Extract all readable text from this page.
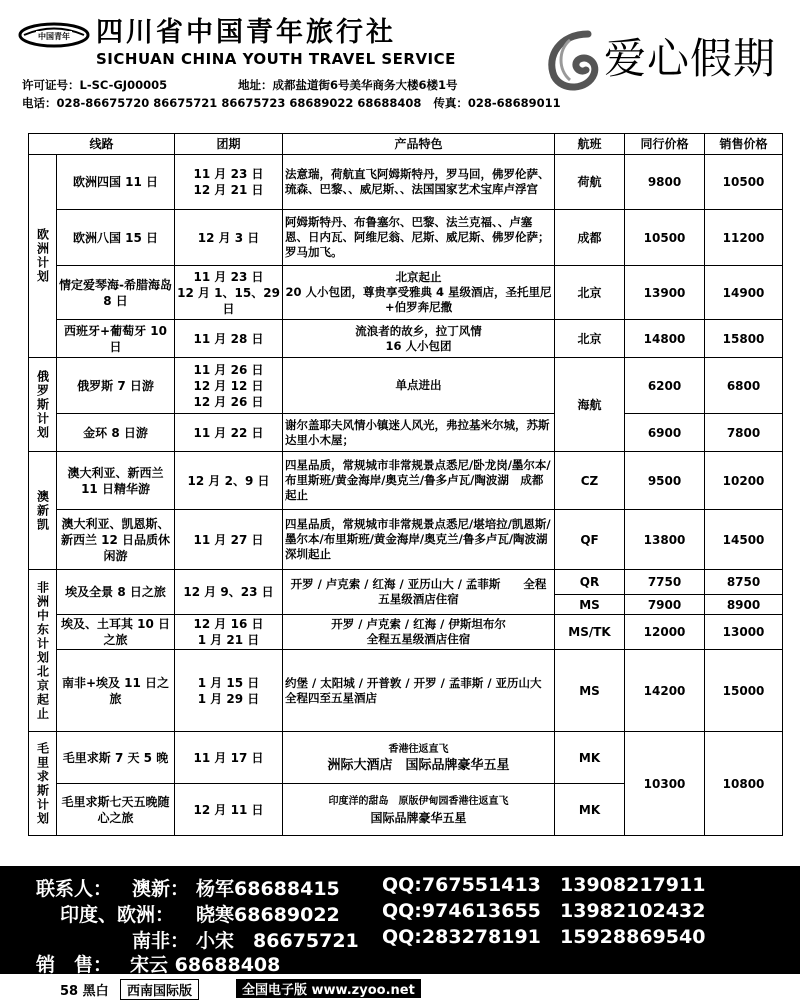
中国青年 四川省中国青年旅行社
SICHUAN CHINA YOUTH TRAVEL SERVICE	爱心假期
许可证号：L-SC-GJ00005	地址：成都盐道街6号美华商务大楼6楼1号
电话：028-86675720 86675721 86675723 68689022 68688408 传真：028-68689011
线路		团期	产品特色	航班	同行价格	销售价格
欧洲计划	欧洲四国 11 日	11 月 23 日
12 月 21 日	法意瑞，荷航直飞阿姆斯特丹，罗马回，佛罗伦萨、琉森、巴黎、、威尼斯、、法国国家艺术宝库卢浮宫	荷航	9800	10500
	欧洲八国 15 日	12 月 3 日	阿姆斯特丹、布鲁塞尔、巴黎、法兰克福、、卢塞恩、日内瓦、阿维尼翁、尼斯、威尼斯、佛罗伦萨；罗马加飞。	成都	10500	11200
	情定爱琴海-希腊海岛 8 日	11 月 23 日
12 月 1、15、29 日	北京起止
20 人小包团，尊贵享受雅典 4 星级酒店，圣托里尼+伯罗奔尼撒	北京	13900	14900
	西班牙+葡萄牙 10 日	11 月 28 日	流浪者的故乡，拉丁风情
16 人小包团	北京	14800	15800
俄罗斯计划	俄罗斯 7 日游	11 月 26 日
12 月 12 日
12 月 26 日	单点进出	海航	6200	6800
	金环 8 日游	11 月 22 日	谢尔盖耶夫风情小镇迷人风光，弗拉基米尔城，苏斯达里小木屋；		6900	7800
澳新凯	澳大利亚、新西兰 11 日精华游	12 月 2、9 日	四星品质，常规城市非常规景点悉尼/卧龙岗/墨尔本/布里斯班/黄金海岸/奥克兰/鲁多卢瓦/陶波湖　成都起止	CZ	9500	10200
	澳大利亚、凯恩斯、新西兰 12 日品质休闲游	11 月 27 日	四星品质，常规城市非常规景点悉尼/堪培拉/凯恩斯/墨尔本/布里斯班/黄金海岸/奥克兰/鲁多卢瓦/陶波湖　深圳起止	QF	13800	14500
非洲中东计划北京起止	埃及全景 8 日之旅	12 月 9、23 日	开罗 / 卢克索 / 红海 / 亚历山大 / 孟菲斯　　全程五星级酒店住宿	QR	7750	8750
				MS	7900	8900
	埃及、土耳其 10 日之旅	12 月 16 日
1 月 21 日	开罗 / 卢克索 / 红海 / 伊斯坦布尔
全程五星级酒店住宿	MS/TK	12000	13000
	南非+埃及 11 日之旅	1 月 15 日
1 月 29 日	约堡 / 太阳城 / 开普敦 / 开罗 / 孟菲斯 / 亚历山大　　　　全程四至五星酒店	MS	14200	15000
毛里求斯计划	毛里求斯 7 天 5 晚	11 月 17 日	香港往返直飞
洲际大酒店　国际品牌豪华五星	MK	10300	10800
	毛里求斯七天五晚随心之旅	12 月 11 日	印度洋的甜岛　原版伊甸园香港往返直飞
国际品牌豪华五星	MK		
联系人： 澳新： 杨军68688415 QQ:767551413 13908217911
印度、欧洲： 晓寒68689022 QQ:974613655 13982102432
南非： 小宋　86675721 QQ:283278191 15928869540
销　售： 宋云 68688408
58 黑白	西南国际版	全国电子版 www.zyoo.net
